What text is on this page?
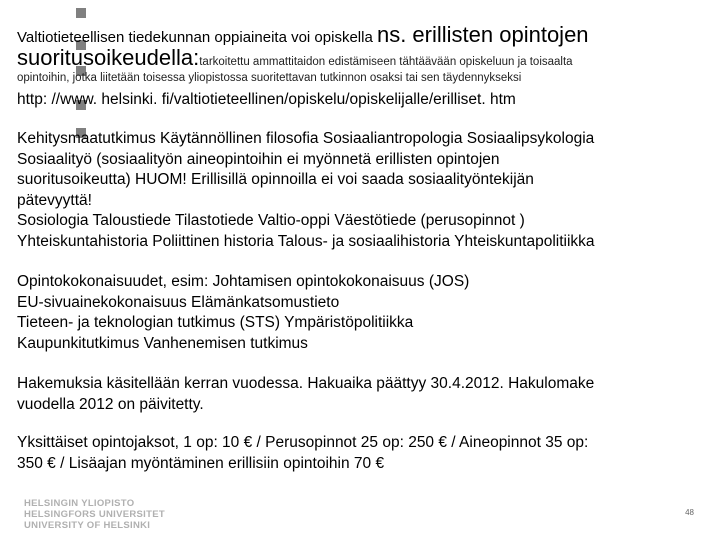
Valtiotieteellisen tiedekunnan oppiaineita voi opiskella ns. erillisten opintojen
suoritusoikeudella:tarkoitettu ammattitaidon edistämiseen tähtäävään opiskeluun ja toisaalta
opintoihin, jotka liitetään toisessa yliopistossa suoritettavan tutkinnon osaksi tai sen täydennykseksi
http: //www. helsinki. fi/valtiotieteellinen/opiskelu/opiskelijalle/erilliset. htm
Kehitysmaatutkimus Käytännöllinen filosofia Sosiaaliantropologia Sosiaalipsykologia
Sosiaalityö (sosiaalityön aineopintoihin ei myönnetä erillisten opintojen
suoritusoikeutta) HUOM! Erillisillä opinnoilla ei voi saada sosiaalityöntekijän
pätevyyttä!
Sosiologia Taloustiede Tilastotiede Valtio-oppi Väestötiede (perusopinnot )
Yhteiskuntahistoria Poliittinen historia Talous- ja sosiaalihistoria Yhteiskuntapolitiikka
Opintokokonaisuudet, esim: Johtamisen opintokokonaisuus (JOS)
EU-sivuainekokonaisuus Elämänkatsomustieto
Tieteen- ja teknologian tutkimus (STS) Ympäristöpolitiikka
Kaupunkitutkimus Vanhenemisen tutkimus
Hakemuksia käsitellään kerran vuodessa. Hakuaika päättyy 30.4.2012. Hakulomake
vuodella 2012 on päivitetty.
Yksittäiset opintojaksot, 1 op: 10 € / Perusopinnot 25 op: 250 € / Aineopinnot 35 op:
350 € / Lisäajan myöntäminen erillisiin opintoihin 70 €
HELSINGIN YLIOPISTO
HELSINGFORS UNIVERSITET
UNIVERSITY OF HELSINKI
48
